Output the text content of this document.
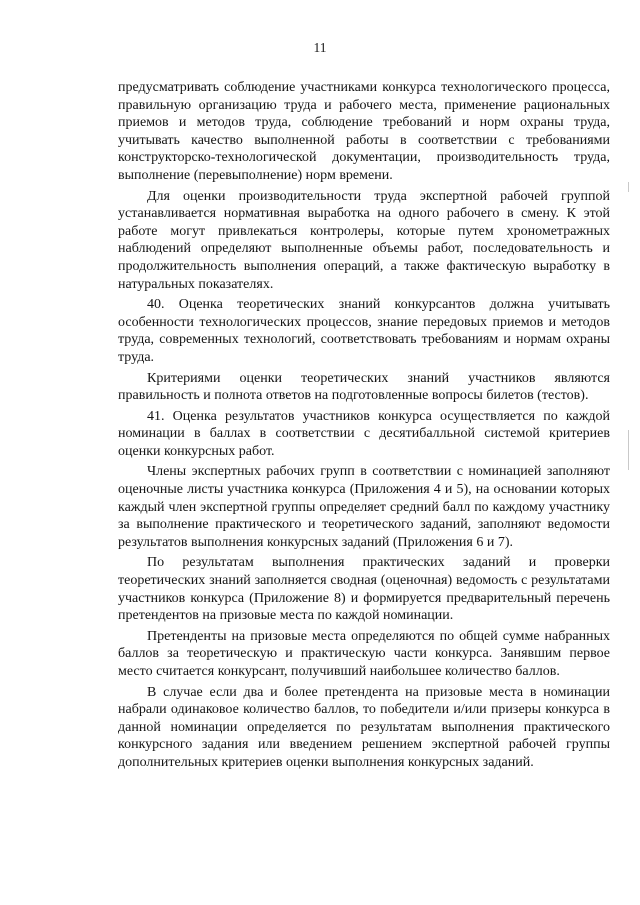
11

предусматривать соблюдение участниками конкурса технологического процесса, правильную организацию труда и рабочего места, применение рациональных приемов и методов труда, соблюдение требований и норм охраны труда, учитывать качество выполненной работы в соответствии с требованиями конструкторско-технологической документации, производительность труда, выполнение (перевыполнение) норм времени.

Для оценки производительности труда экспертной рабочей группой устанавливается нормативная выработка на одного рабочего в смену. К этой работе могут привлекаться контролеры, которые путем хронометражных наблюдений определяют выполненные объемы работ, последовательность и продолжительность выполнения операций, а также фактическую выработку в натуральных показателях.

40. Оценка теоретических знаний конкурсантов должна учитывать особенности технологических процессов, знание передовых приемов и методов труда, современных технологий, соответствовать требованиям и нормам охраны труда.

Критериями оценки теоретических знаний участников являются правильность и полнота ответов на подготовленные вопросы билетов (тестов).

41. Оценка результатов участников конкурса осуществляется по каждой номинации в баллах в соответствии с десятибалльной системой критериев оценки конкурсных работ.

Члены экспертных рабочих групп в соответствии с номинацией заполняют оценочные листы участника конкурса (Приложения 4 и 5), на основании которых каждый член экспертной группы определяет средний балл по каждому участнику за выполнение практического и теоретического заданий, заполняют ведомости результатов выполнения конкурсных заданий (Приложения 6 и 7).

По результатам выполнения практических заданий и проверки теоретических знаний заполняется сводная (оценочная) ведомость с результатами участников конкурса (Приложение 8) и формируется предварительный перечень претендентов на призовые места по каждой номинации.

Претенденты на призовые места определяются по общей сумме набранных баллов за теоретическую и практическую части конкурса. Занявшим первое место считается конкурсант, получивший наибольшее количество баллов.

В случае если два и более претендента на призовые места в номинации набрали одинаковое количество баллов, то победители и/или призеры конкурса в данной номинации определяется по результатам выполнения практического конкурсного задания или введением решением экспертной рабочей группы дополнительных критериев оценки выполнения конкурсных заданий.
